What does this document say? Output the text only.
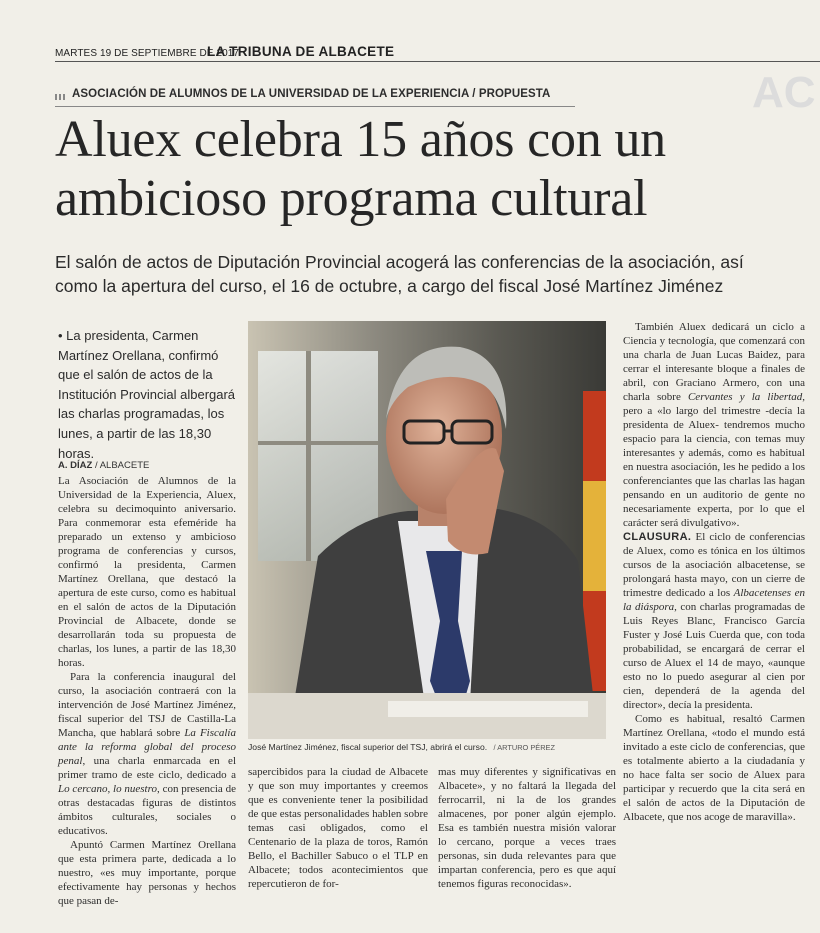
MARTES 19 DE SEPTIEMBRE DE 2017
LA TRIBUNA DE ALBACETE
AC
ASOCIACIÓN DE ALUMNOS DE LA UNIVERSIDAD DE LA EXPERIENCIA / PROPUESTA
Aluex celebra 15 años con un
ambicioso programa cultural
El salón de actos de Diputación Provincial acogerá las conferencias de la asociación, así
como la apertura del curso, el 16 de octubre, a cargo del fiscal José Martínez Jiménez

• La presidenta, Carmen Martínez Orellana, confirmó que el salón de actos de la Institución Provincial albergará las charlas programadas, los lunes, a partir de las 18,30 horas.

A. DÍAZ / ALBACETE

La Asociación de Alumnos de la Universidad de la Experiencia, Aluex, celebra su decimoquinto aniversario. Para conmemorar esta efeméride ha preparado un extenso y ambicioso programa de conferencias y cursos, confirmó la presidenta, Carmen Martínez Orellana, que destacó la apertura de este curso, como es habitual en el salón de actos de la Diputación Provincial de Albacete, donde se desarrollarán toda su propuesta de charlas, los lunes, a partir de las 18,30 horas.

Para la conferencia inaugural del curso, la asociación contraerá con la intervención de José Martínez Jiménez, fiscal superior del TSJ de Castilla-La Mancha, que hablará sobre La Fiscalía ante la reforma global del proceso penal, una charla enmarcada en el primer tramo de este ciclo, dedicado a Lo cercano, lo nuestro, con presencia de otras destacadas figuras de distintos ámbitos culturales, sociales o educativos.

Apuntó Carmen Martínez Orellana que esta primera parte, dedicada a lo nuestro, «es muy importante, porque efectivamente hay personas y hechos que pasan de-

José Martínez Jiménez, fiscal superior del TSJ, abrirá el curso. / ARTURO PÉREZ

sapercibidos para la ciudad de Albacete y que son muy importantes y creemos que es conveniente tener la posibilidad de que estas personalidades hablen sobre temas casi obligados, como el Centenario de la plaza de toros, Ramón Bello, el Bachiller Sabuco o el TLP en Albacete; todos acontecimientos que repercutieron de for-

mas muy diferentes y significativas en Albacete», y no faltará la llegada del ferrocarril, ni la de los grandes almacenes, por poner algún ejemplo. Esa es también nuestra misión valorar lo cercano, porque a veces traes personas, sin duda relevantes para que impartan conferencia, pero es que aquí tenemos figuras reconocidas».

También Aluex dedicará un ciclo a Ciencia y tecnología, que comenzará con una charla de Juan Lucas Baidez, para cerrar el interesante bloque a finales de abril, con Graciano Armero, con una charla sobre Cervantes y la libertad, pero a «lo largo del trimestre -decía la presidenta de Aluex- tendremos mucho espacio para la ciencia, con temas muy interesantes y además, como es habitual en nuestra asociación, les he pedido a los conferenciantes que las charlas las hagan pensando en un auditorio de gente no necesariamente experta, por lo que el carácter será divulgativo».

CLAUSURA. El ciclo de conferencias de Aluex, como es tónica en los últimos cursos de la asociación albacetense, se prolongará hasta mayo, con un cierre de trimestre dedicado a los Albacetenses en la diáspora, con charlas programadas de Luis Reyes Blanc, Francisco García Fuster y José Luis Cuerda que, con toda probabilidad, se encargará de cerrar el curso de Aluex el 14 de mayo, «aunque esto no lo puedo asegurar al cien por cien, dependerá de la agenda del director», decía la presidenta.

Como es habitual, resaltó Carmen Martínez Orellana, «todo el mundo está invitado a este ciclo de conferencias, que es totalmente abierto a la ciudadanía y no hace falta ser socio de Aluex para participar y recuerdo que la cita será en el salón de actos de la Diputación de Albacete, que nos acoge de maravilla».
